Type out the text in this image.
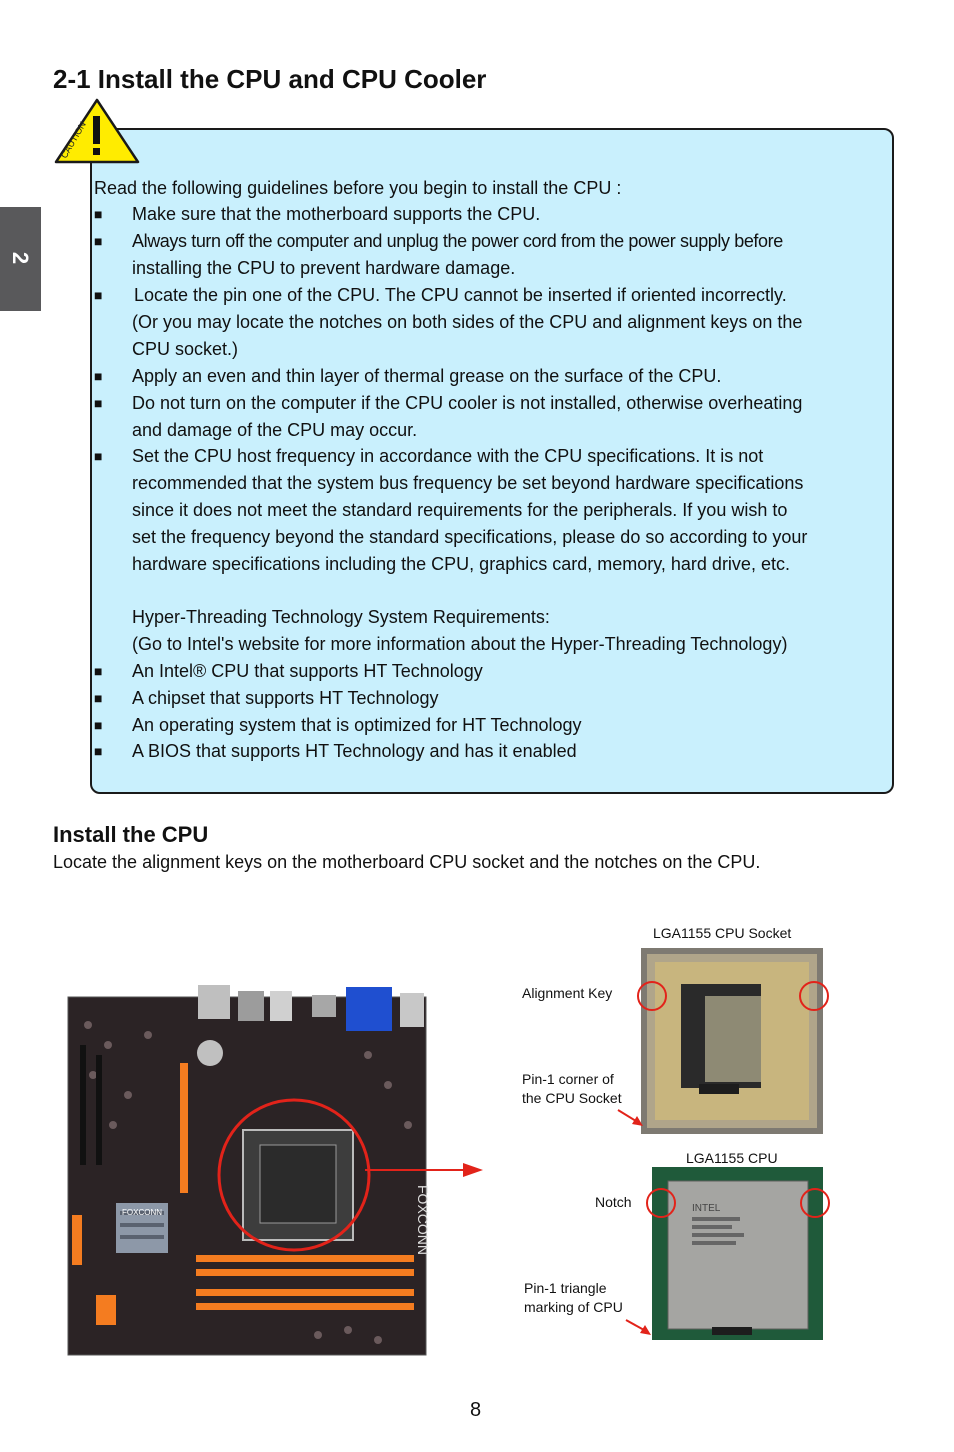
2
2-1 Install the CPU and CPU Cooler
CAUTION
Read the following guidelines before you begin to install the CPU :
■ Make sure that the motherboard supports the CPU.
■ Always turn off the computer and unplug the power cord from the power supply before
installing the CPU to prevent hardware damage.
■ Locate the pin one of the CPU. The CPU cannot be inserted if oriented incorrectly.
(Or you may locate the notches on both sides of the CPU and alignment keys on the
CPU socket.)
■ Apply an even and thin layer of thermal grease on the surface of the CPU.
■ Do not turn on the computer if the CPU cooler is not installed, otherwise overheating
and damage of the CPU may occur.
■ Set the CPU host frequency in accordance with the CPU specifications. It is not
recommended that the system bus frequency be set beyond hardware specifications
since it does not meet the standard requirements for the peripherals. If you wish to
set the frequency beyond the standard specifications, please do so according to your
hardware specifications including the CPU, graphics card, memory, hard drive, etc.
Hyper-Threading Technology System Requirements:
(Go to Intel's website for more information about the Hyper-Threading Technology)
■ An Intel® CPU that supports HT Technology
■ A chipset that supports HT Technology
■ An operating system that is optimized for HT Technology
■ A BIOS that supports HT Technology and has it enabled
Install the CPU
Locate the alignment keys on the motherboard CPU socket and the notches on the CPU.
FOXCONN	FOXCONN
LGA1155 CPU Socket
Alignment Key
Pin-1 corner of
the CPU Socket
LGA1155 CPU
INTEL
Notch
Pin-1 triangle
marking of CPU
8
